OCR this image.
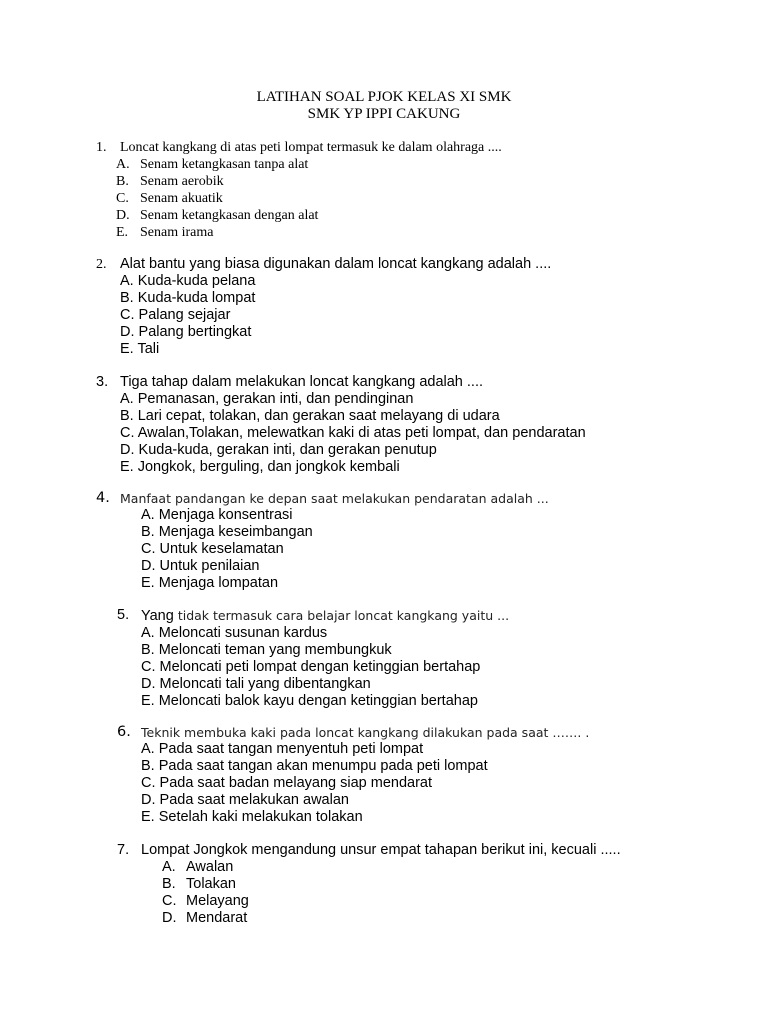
LATIHAN SOAL PJOK KELAS XI SMK
SMK YP IPPI CAKUNG
1. Loncat kangkang di atas peti lompat termasuk ke dalam olahraga ....
A. Senam ketangkasan tanpa alat
B. Senam aerobik
C. Senam akuatik
D. Senam ketangkasan dengan alat
E. Senam irama
2. Alat bantu yang biasa digunakan dalam loncat kangkang adalah ....
A. Kuda-kuda pelana
B. Kuda-kuda lompat
C. Palang sejajar
D. Palang bertingkat
E. Tali
3. Tiga tahap dalam melakukan loncat kangkang adalah ....
A. Pemanasan, gerakan inti, dan pendinginan
B. Lari cepat, tolakan, dan gerakan saat melayang di udara
C. Awalan,Tolakan, melewatkan kaki di atas peti lompat, dan pendaratan
D. Kuda-kuda, gerakan inti, dan gerakan penutup
E. Jongkok, berguling, dan jongkok kembali
4. Manfaat pandangan ke depan saat melakukan pendaratan adalah ...
A. Menjaga konsentrasi
B. Menjaga keseimbangan
C. Untuk keselamatan
D. Untuk penilaian
E. Menjaga lompatan
5. Yang tidak termasuk cara belajar loncat kangkang yaitu ...
A. Meloncati susunan kardus
B. Meloncati teman yang membungkuk
C. Meloncati peti lompat dengan ketinggian bertahap
D. Meloncati tali yang dibentangkan
E. Meloncati balok kayu dengan ketinggian bertahap
6. Teknik membuka kaki pada loncat kangkang dilakukan pada saat ……. .
A. Pada saat tangan menyentuh peti lompat
B. Pada saat tangan akan menumpu pada peti lompat
C. Pada saat badan melayang siap mendarat
D. Pada saat melakukan awalan
E. Setelah kaki melakukan tolakan
7. Lompat Jongkok mengandung unsur empat tahapan berikut ini, kecuali .....
A. Awalan
B. Tolakan
C. Melayang
D. Mendarat
